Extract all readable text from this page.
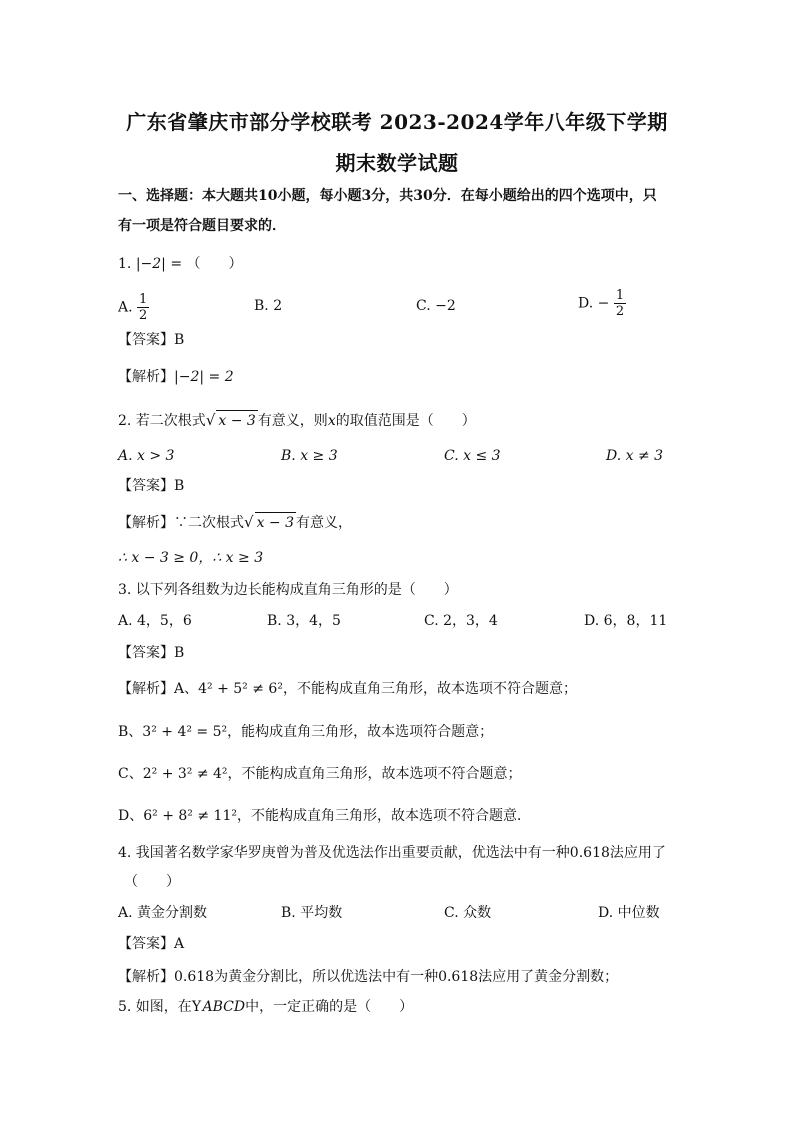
广东省肇庆市部分学校联考 2023-2024学年八年级下学期
期末数学试题
一、选择题：本大题共10小题，每小题3分，共30分．在每小题给出的四个选项中，只
有一项是符合题目要求的．
1. |−2| = （　　）
A. $\frac{1}{2}$	B. 2	C. −2	D. − $\frac{1}{2}$
【答案】B
【解析】|−2| = 2
2. 若二次根式√ x − 3 有意义，则x的取值范围是（　　）
A. x > 3	B. x ≥ 3	C. x ≤ 3	D. x ≠ 3
【答案】B
【解析】∵二次根式√ x − 3 有意义，
∴ x − 3 ≥ 0，∴ x ≥ 3
3. 以下列各组数为边长能构成直角三角形的是（　　）
A. 4，5，6	B. 3，4，5	C. 2，3，4	D. 6，8，11
【答案】B
【解析】A、4² + 5² ≠ 6²，不能构成直角三角形，故本选项不符合题意；
B、3² + 4² = 5²，能构成直角三角形，故本选项符合题意；
C、2² + 3² ≠ 4²，不能构成直角三角形，故本选项不符合题意；
D、6² + 8² ≠ 11²，不能构成直角三角形，故本选项不符合题意．
4. 我国著名数学家华罗庚曾为普及优选法作出重要贡献，优选法中有一种0.618法应用了
（　　）
A. 黄金分割数	B. 平均数	C. 众数	D. 中位数
【答案】A
【解析】0.618为黄金分割比，所以优选法中有一种0.618法应用了黄金分割数；
5. 如图，在Y ABCD中，一定正确的是（　　）
